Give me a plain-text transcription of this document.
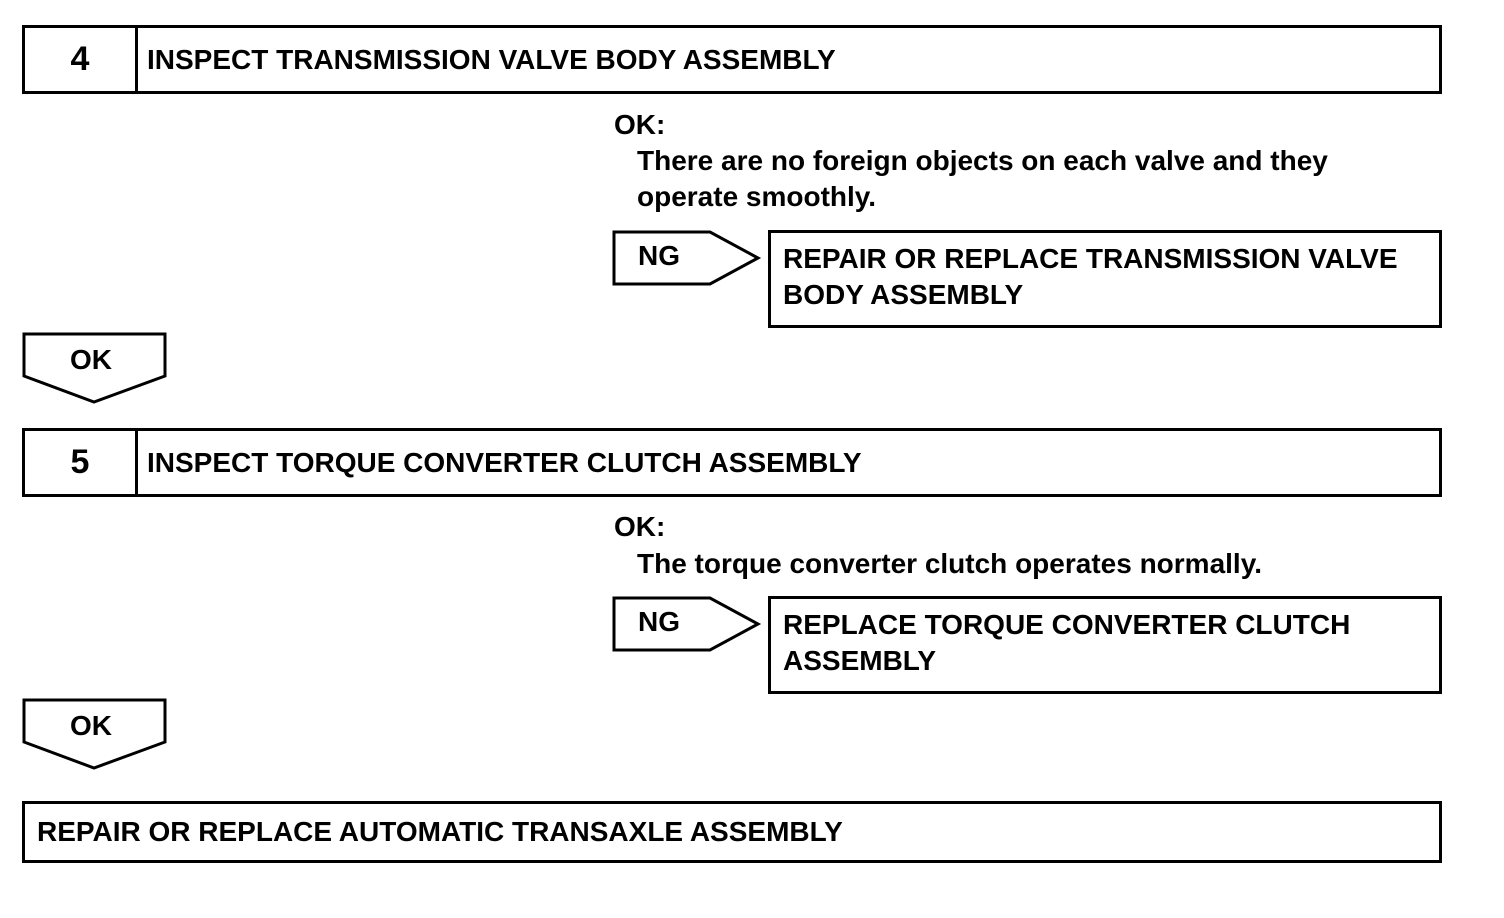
4	INSPECT TRANSMISSION VALVE BODY ASSEMBLY
OK:
There are no foreign objects on each valve and they operate smoothly.
NG	REPAIR OR REPLACE TRANSMISSION VALVE BODY ASSEMBLY
OK
5	INSPECT TORQUE CONVERTER CLUTCH ASSEMBLY
OK:
The torque converter clutch operates normally.
NG	REPLACE TORQUE CONVERTER CLUTCH ASSEMBLY
OK
REPAIR OR REPLACE AUTOMATIC TRANSAXLE ASSEMBLY
